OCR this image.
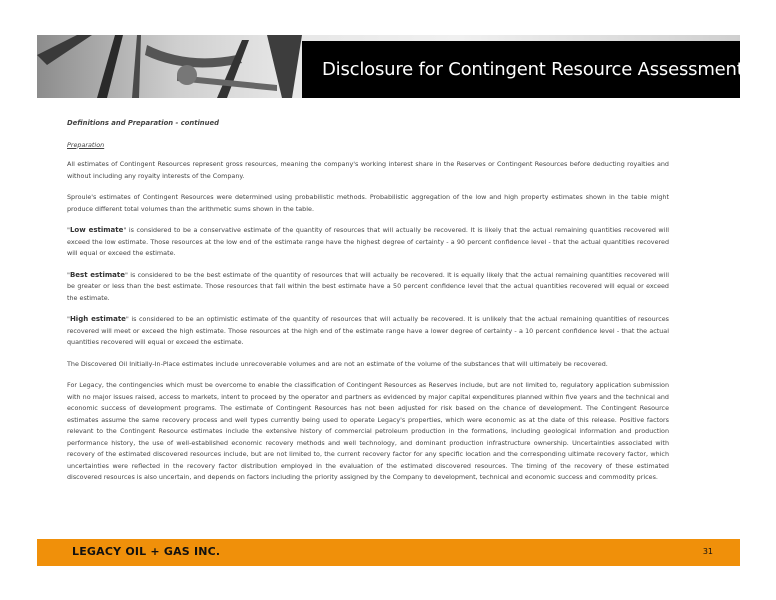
Disclosure for Contingent Resource Assessment
Definitions and Preparation - continued
Preparation

All estimates of Contingent Resources represent gross resources, meaning the company's working interest share in the Reserves or Contingent Resources before deducting royalties and without including any royalty interests of the Company.

Sproule's estimates of Contingent Resources were determined using probabilistic methods. Probabilistic aggregation of the low and high property estimates shown in the table might produce different total volumes than the arithmetic sums shown in the table.

"Low estimate" is considered to be a conservative estimate of the quantity of resources that will actually be recovered. It is likely that the actual remaining quantities recovered will exceed the low estimate. Those resources at the low end of the estimate range have the highest degree of certainty - a 90 percent confidence level - that the actual quantities recovered will equal or exceed the estimate.

"Best estimate" is considered to be the best estimate of the quantity of resources that will actually be recovered. It is equally likely that the actual remaining quantities recovered will be greater or less than the best estimate. Those resources that fall within the best estimate have a 50 percent confidence level that the actual quantities recovered will equal or exceed the estimate.

"High estimate" is considered to be an optimistic estimate of the quantity of resources that will actually be recovered. It is unlikely that the actual remaining quantities of resources recovered will meet or exceed the high estimate. Those resources at the high end of the estimate range have a lower degree of certainty - a 10 percent confidence level - that the actual quantities recovered will equal or exceed the estimate.

The Discovered Oil Initially-In-Place estimates include unrecoverable volumes and are not an estimate of the volume of the substances that will ultimately be recovered.

For Legacy, the contingencies which must be overcome to enable the classification of Contingent Resources as Reserves include, but are not limited to, regulatory application submission with no major issues raised, access to markets, intent to proceed by the operator and partners as evidenced by major capital expenditures planned within five years and the technical and economic success of development programs. The estimate of Contingent Resources has not been adjusted for risk based on the chance of development. The Contingent Resource estimates assume the same recovery process and well types currently being used to operate Legacy's properties, which were economic as at the date of this release. Positive factors relevant to the Contingent Resource estimates include the extensive history of commercial petroleum production in the formations, including geological information and production performance history, the use of well-established economic recovery methods and well technology, and dominant production infrastructure ownership. Uncertainties associated with recovery of the estimated discovered resources include, but are not limited to, the current recovery factor for any specific location and the corresponding ultimate recovery factor, which uncertainties were reflected in the recovery factor distribution employed in the evaluation of the estimated discovered resources. The timing of the recovery of these estimated discovered resources is also uncertain, and depends on factors including the priority assigned by the Company to development, technical and economic success and commodity prices.

LEGACY OIL + GAS INC.	31
